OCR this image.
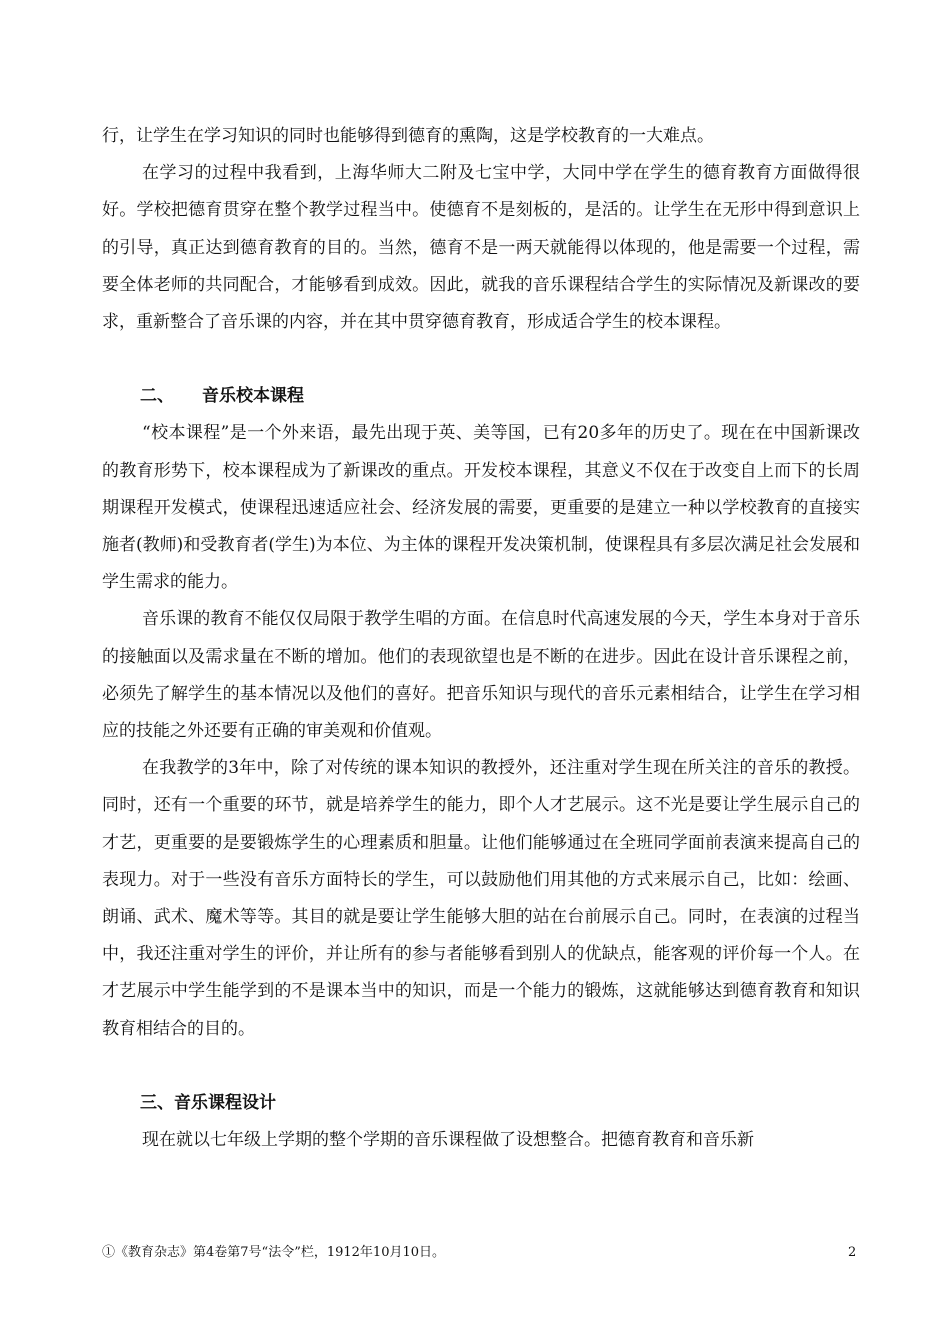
行，让学生在学习知识的同时也能够得到德育的熏陶，这是学校教育的一大难点。

在学习的过程中我看到，上海华师大二附及七宝中学，大同中学在学生的德育教育方面做得很好。学校把德育贯穿在整个教学过程当中。使德育不是刻板的，是活的。让学生在无形中得到意识上的引导，真正达到德育教育的目的。当然，德育不是一两天就能得以体现的，他是需要一个过程，需要全体老师的共同配合，才能够看到成效。因此，就我的音乐课程结合学生的实际情况及新课改的要求，重新整合了音乐课的内容，并在其中贯穿德育教育，形成适合学生的校本课程。

二、 音乐校本课程

“校本课程”是一个外来语，最先出现于英、美等国，已有20多年的历史了。现在在中国新课改的教育形势下，校本课程成为了新课改的重点。开发校本课程，其意义不仅在于改变自上而下的长周期课程开发模式，使课程迅速适应社会、经济发展的需要，更重要的是建立一种以学校教育的直接实施者(教师)和受教育者(学生)为本位、为主体的课程开发决策机制，使课程具有多层次满足社会发展和学生需求的能力。

音乐课的教育不能仅仅局限于教学生唱的方面。在信息时代高速发展的今天，学生本身对于音乐的接触面以及需求量在不断的增加。他们的表现欲望也是不断的在进步。因此在设计音乐课程之前，必须先了解学生的基本情况以及他们的喜好。把音乐知识与现代的音乐元素相结合，让学生在学习相应的技能之外还要有正确的审美观和价值观。

在我教学的3年中，除了对传统的课本知识的教授外，还注重对学生现在所关注的音乐的教授。同时，还有一个重要的环节，就是培养学生的能力，即个人才艺展示。这不光是要让学生展示自己的才艺，更重要的是要锻炼学生的心理素质和胆量。让他们能够通过在全班同学面前表演来提高自己的表现力。对于一些没有音乐方面特长的学生，可以鼓励他们用其他的方式来展示自己，比如：绘画、朗诵、武术、魔术等等。其目的就是要让学生能够大胆的站在台前展示自己。同时，在表演的过程当中，我还注重对学生的评价，并让所有的参与者能够看到别人的优缺点，能客观的评价每一个人。在才艺展示中学生能学到的不是课本当中的知识，而是一个能力的锻炼，这就能够达到德育教育和知识教育相结合的目的。

三、音乐课程设计

现在就以七年级上学期的整个学期的音乐课程做了设想整合。把德育教育和音乐新

①《教育杂志》第4卷第7号“法令”栏，1912年10月10日。	2
